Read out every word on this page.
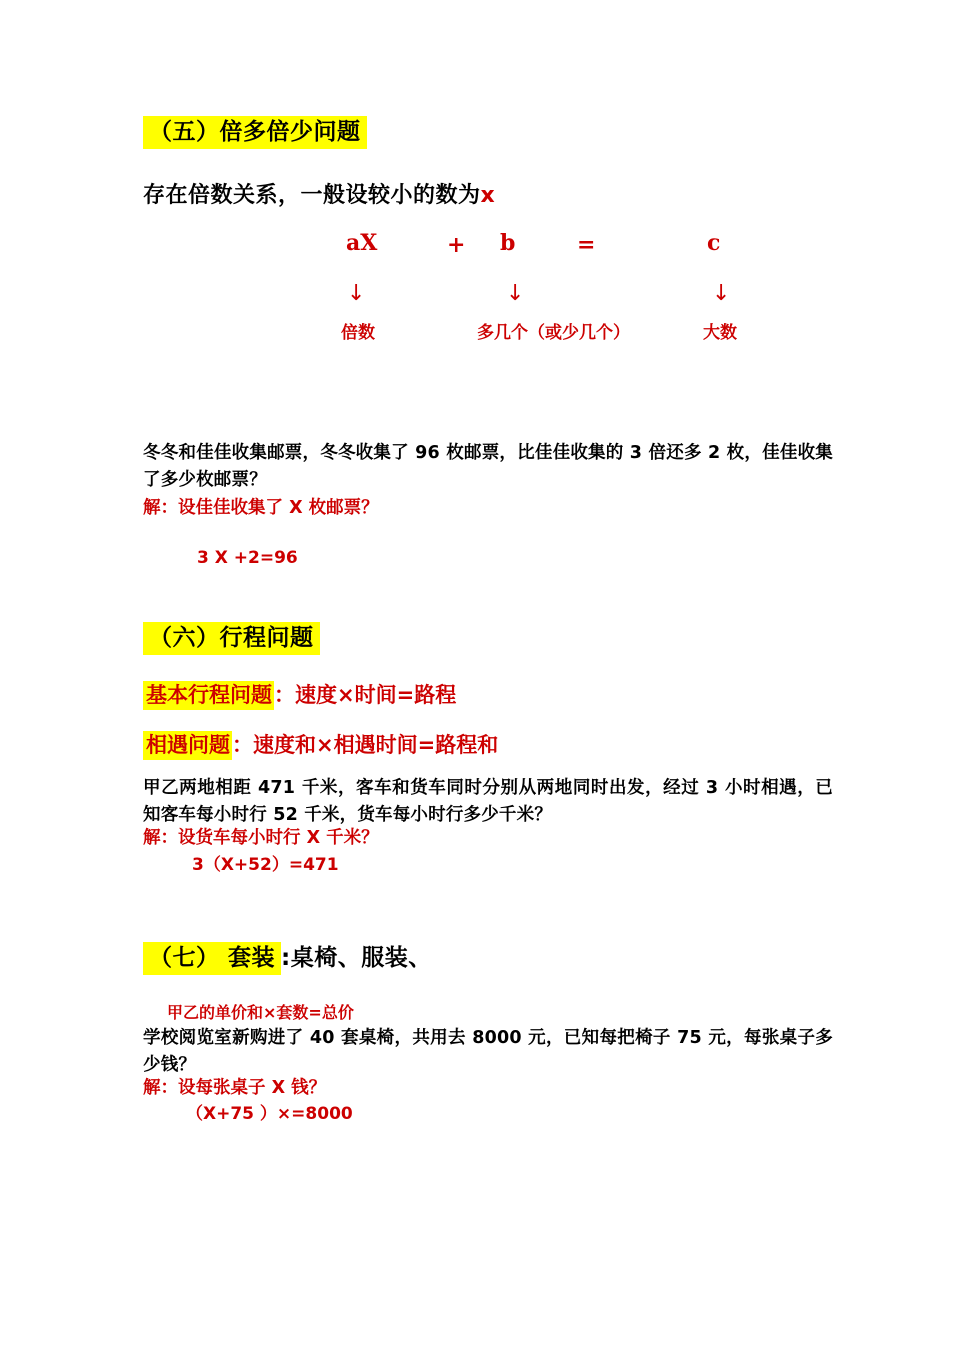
（五）倍多倍少问题
存在倍数关系，一般设较小的数为x
aX	+ b	=	c
↓	↓	↓
倍数	多几个（或少几个）	大数
冬冬和佳佳收集邮票，冬冬收集了 96 枚邮票，比佳佳收集的 3 倍还多 2 枚，佳佳收集了多少枚邮票？
解：设佳佳收集了 X 枚邮票？
3 X +2=96
（六）行程问题
基本行程问题：速度×时间=路程
相遇问题：速度和×相遇时间=路程和
甲乙两地相距 471 千米，客车和货车同时分别从两地同时出发，经过 3 小时相遇，已知客车每小时行 52 千米，货车每小时行多少千米？
解：设货车每小时行 X 千米？
3（X+52）=471
（七） 套装 :桌椅、服装、
甲乙的单价和×套数=总价
学校阅览室新购进了 40 套桌椅，共用去 8000 元，已知每把椅子 75 元，每张桌子多少钱？
解：设每张桌子 X 钱？
（X+75 ）×=8000
